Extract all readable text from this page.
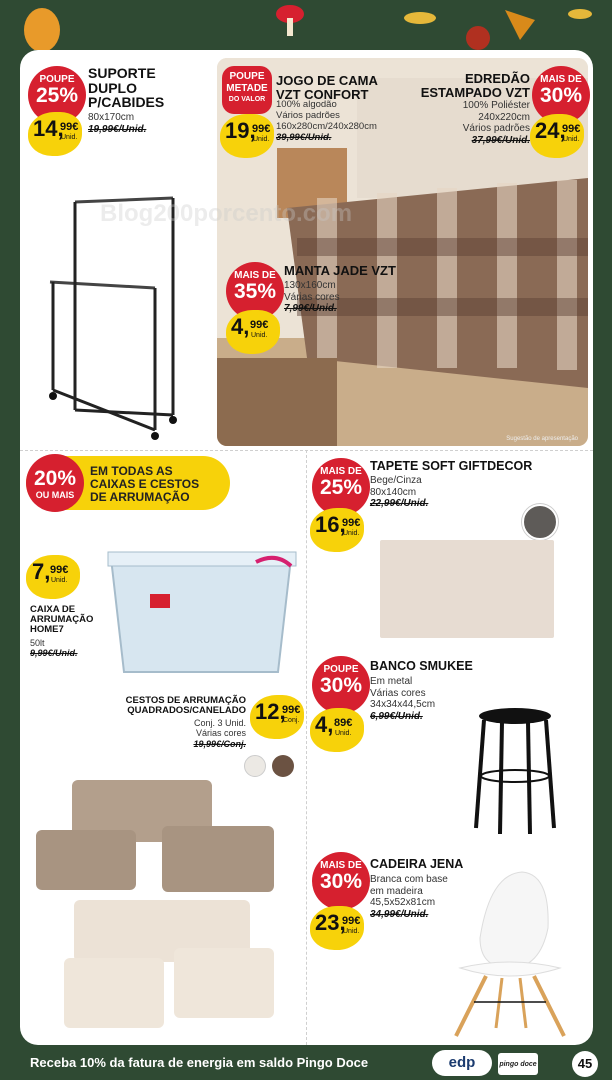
POUPE
25%
SUPORTE
DUPLO
P/CABIDES
80x170cm
19,99€/Unid.
14,
99€
Unid.
Sugestão de apresentação
POUPE
METADE
DO VALOR
JOGO DE CAMA
VZT CONFORT
100% algodão
Vários padrões
160x280cm/240x280cm
39,99€/Unid.
19,
99€
Unid.
EDREDÃO
ESTAMPADO VZT
100% Poliéster
240x220cm
Vários padrões
37,99€/Unid.
MAIS DE
30%
24,
99€
Unid.
MAIS DE
35%
MANTA JADE VZT
130x160cm
Várias cores
7,99€/Unid.
4, 99€
Unid.
20%
OU MAIS
EM TODAS AS
CAIXAS E CESTOS
DE ARRUMAÇÃO
7, 99€
Unid.
CAIXA DE
ARRUMAÇÃO
HOME7
50lt
9,99€/Unid.
CESTOS DE ARRUMAÇÃO
QUADRADOS/CANELADO
Conj. 3 Unid.
Várias cores
19,99€/Conj.
12,
99€
Conj.
MAIS DE
25%
TAPETE SOFT GIFTDECOR
Bege/Cinza
80x140cm
22,99€/Unid.
16,
99€
Unid.
POUPE
30%
BANCO SMUKEE
Em metal
Várias cores
34x34x44,5cm
6,99€/Unid.
4, 89€
Unid.
MAIS DE
30%
CADEIRA JENA
Branca com base
em madeira
45,5x52x81cm
34,99€/Unid.
23,
99€
Unid.
Blog200porcento.com
Receba 10% da fatura de energia em saldo Pingo Doce	edp	pingo doce	45
